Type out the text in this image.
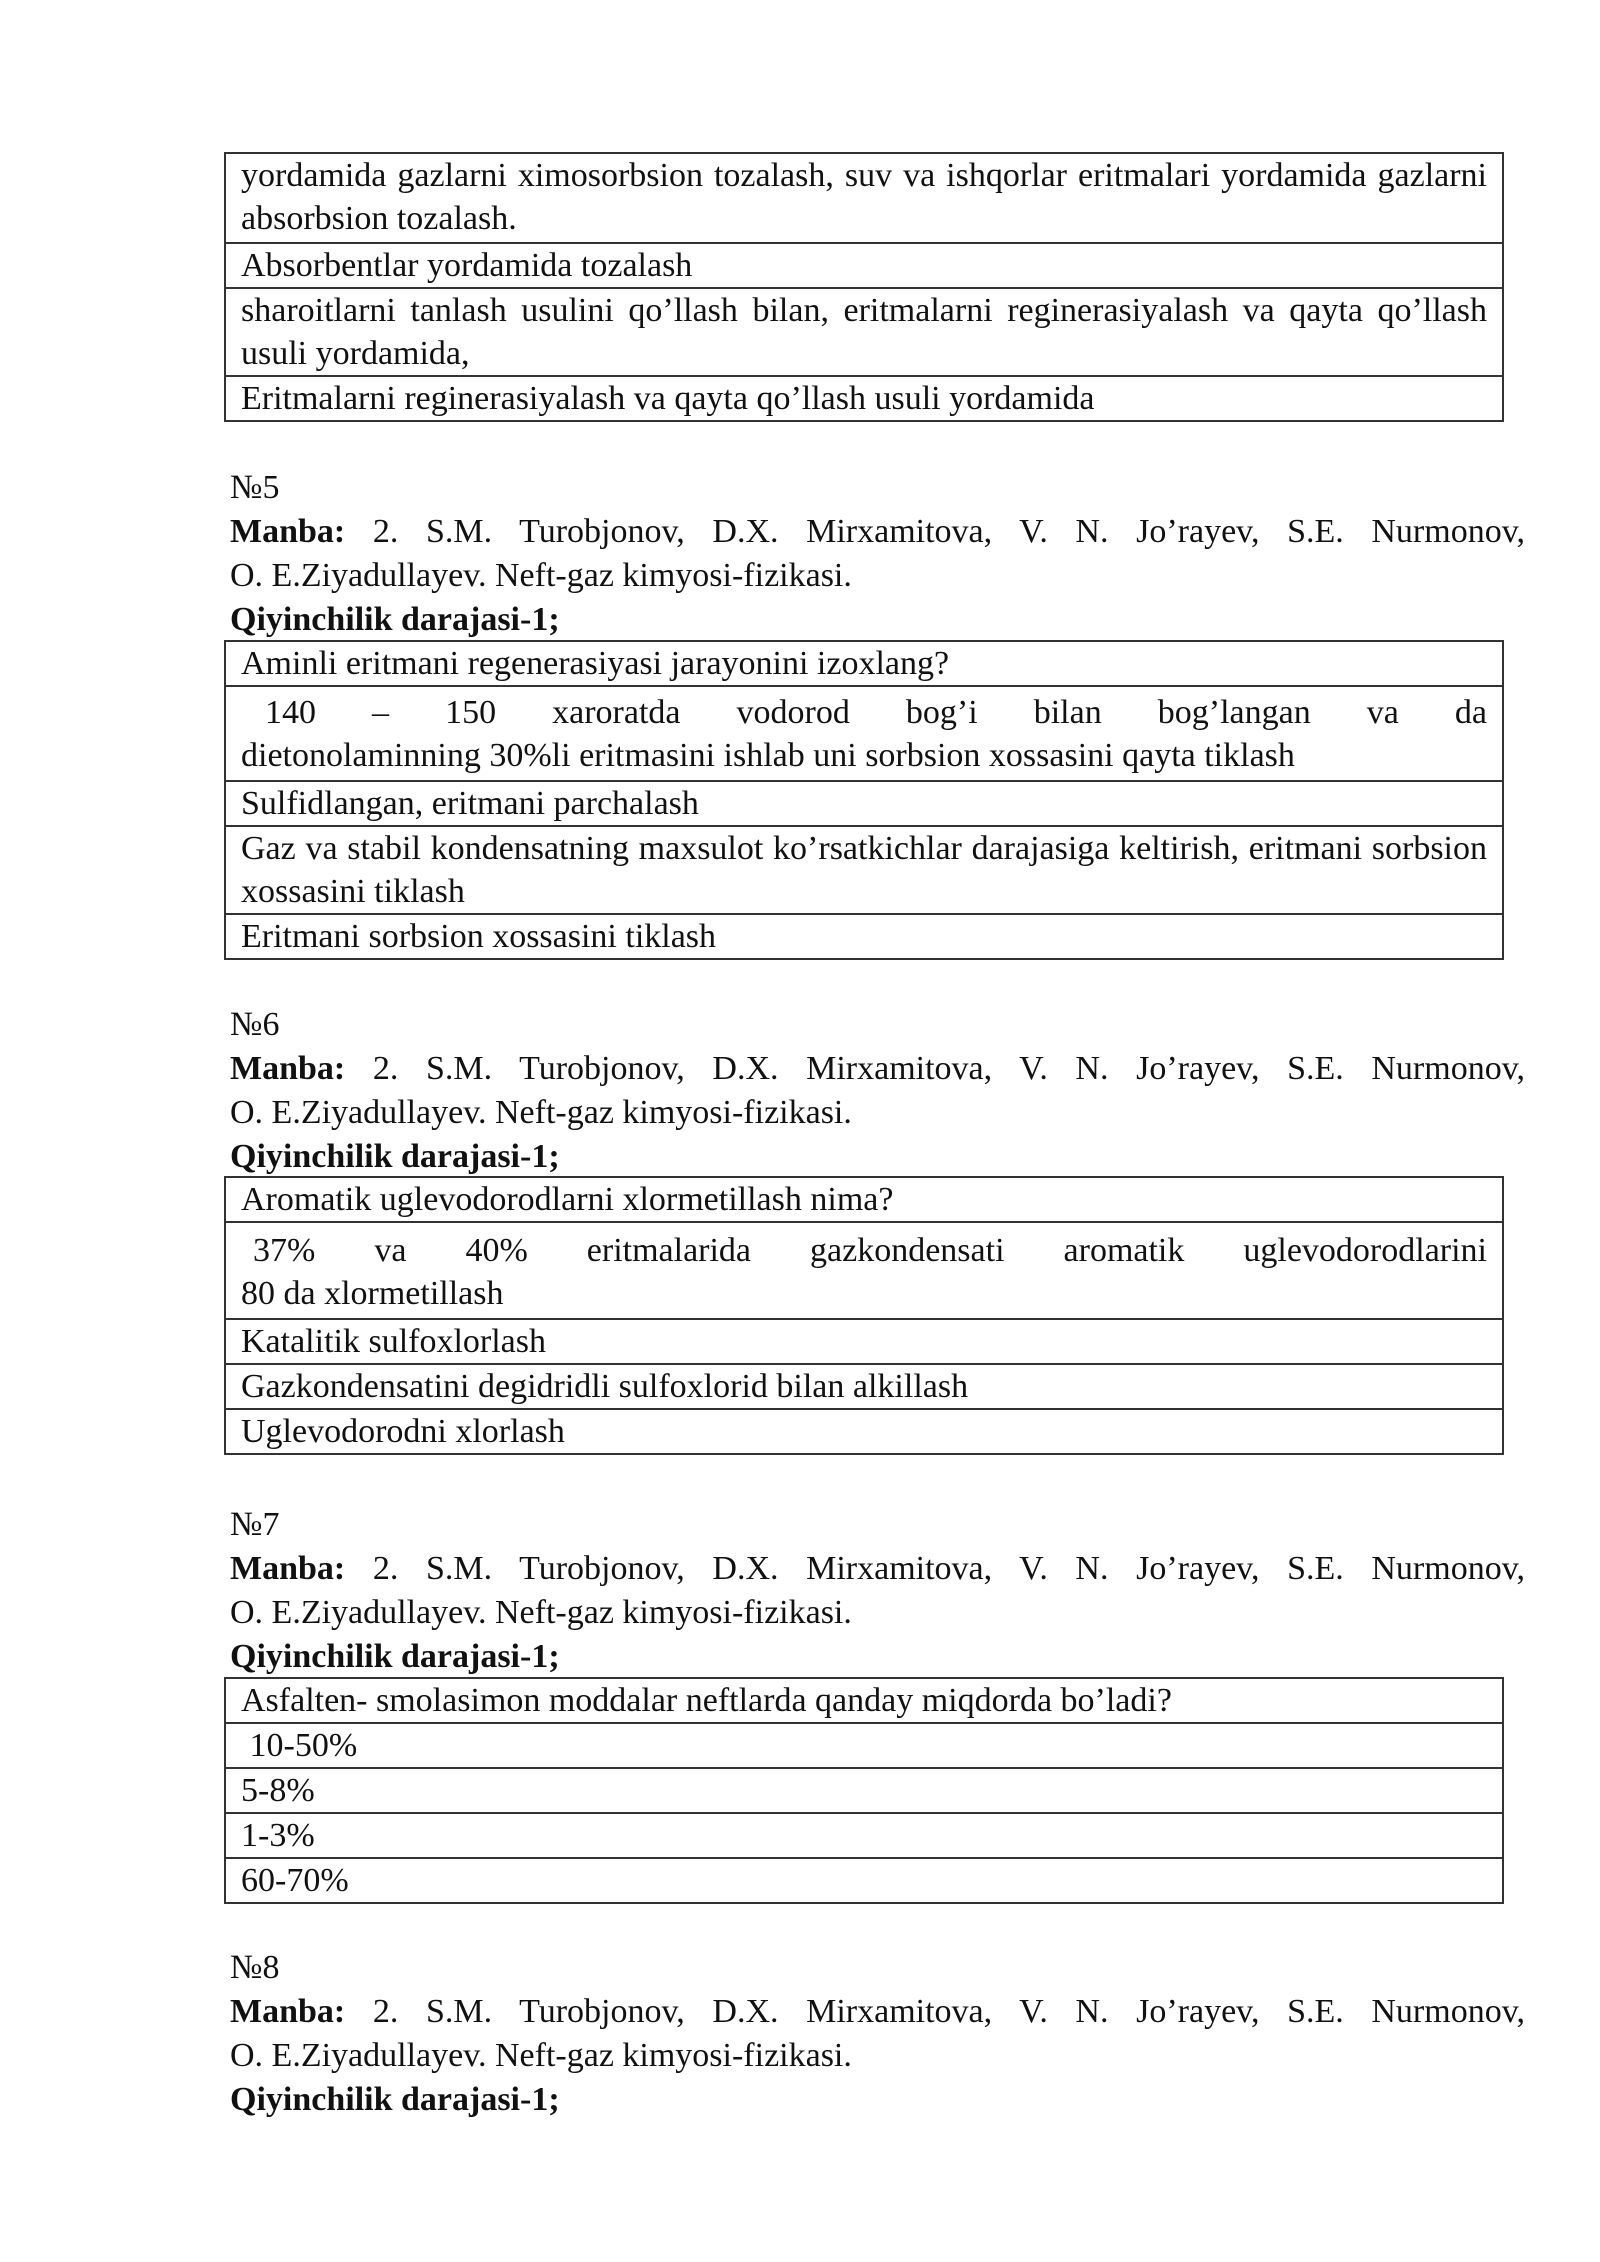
yordamida gazlarni ximosorbsion tozalash, suv va ishqorlar eritmalari yordamida gazlarni absorbsion tozalash.
Absorbentlar yordamida tozalash
sharoitlarni tanlash usulini qo’llash bilan, eritmalarni reginerasiyalash va qayta qo’llash usuli yordamida,
Eritmalarni reginerasiyalash va qayta qo’llash usuli yordamida
№5
Manba: 2. S.M. Turobjonov, D.X. Mirxamitova, V. N. Jo’rayev, S.E. Nurmonov,
O. E.Ziyadullayev. Neft-gaz kimyosi-fizikasi.
Qiyinchilik darajasi-1;
Aminli eritmani regenerasiyasi jarayonini izoxlang?
140 – 150 xaroratda vodorod bog’i bilan bog’langan va da
dietonolaminning 30%li eritmasini ishlab uni sorbsion xossasini qayta tiklash
Sulfidlangan, eritmani parchalash
Gaz va stabil kondensatning maxsulot ko’rsatkichlar darajasiga keltirish, eritmani sorbsion xossasini tiklash
Eritmani sorbsion xossasini tiklash
№6
Manba: 2. S.M. Turobjonov, D.X. Mirxamitova, V. N. Jo’rayev, S.E. Nurmonov,
O. E.Ziyadullayev. Neft-gaz kimyosi-fizikasi.
Qiyinchilik darajasi-1;
Aromatik uglevodorodlarni xlormetillash nima?
37% va 40% eritmalarida gazkondensati aromatik uglevodorodlarini
80 da xlormetillash
Katalitik sulfoxlorlash
Gazkondensatini degidridli sulfoxlorid bilan alkillash
Uglevodorodni xlorlash
№7
Manba: 2. S.M. Turobjonov, D.X. Mirxamitova, V. N. Jo’rayev, S.E. Nurmonov,
O. E.Ziyadullayev. Neft-gaz kimyosi-fizikasi.
Qiyinchilik darajasi-1;
Asfalten- smolasimon moddalar neftlarda qanday miqdorda bo’ladi?
10-50%
5-8%
1-3%
60-70%
№8
Manba: 2. S.M. Turobjonov, D.X. Mirxamitova, V. N. Jo’rayev, S.E. Nurmonov,
O. E.Ziyadullayev. Neft-gaz kimyosi-fizikasi.
Qiyinchilik darajasi-1;
